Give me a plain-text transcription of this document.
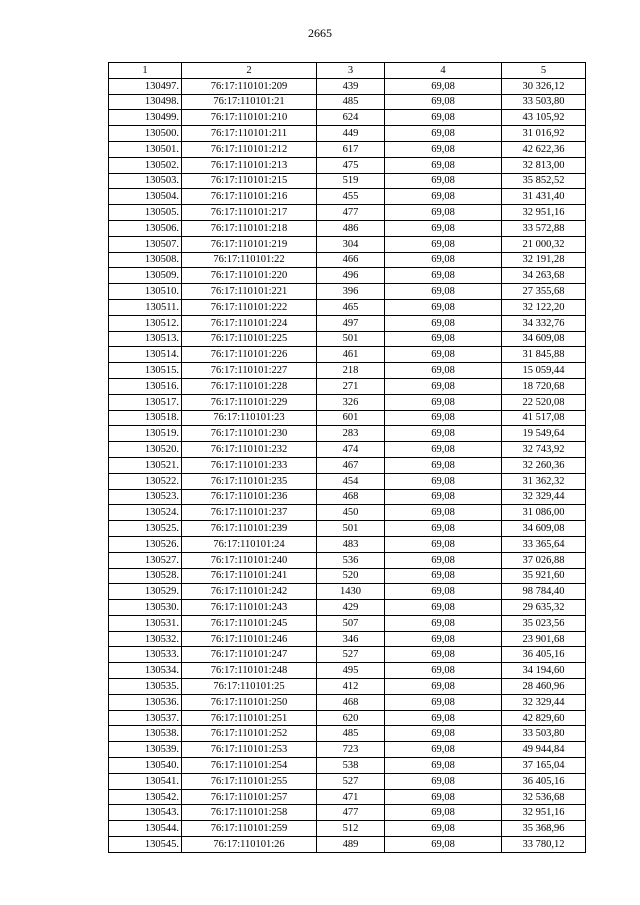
2665
1	2	3	4	5
130497.	76:17:110101:209	439	69,08	30 326,12
130498.	76:17:110101:21	485	69,08	33 503,80
130499.	76:17:110101:210	624	69,08	43 105,92
130500.	76:17:110101:211	449	69,08	31 016,92
130501.	76:17:110101:212	617	69,08	42 622,36
130502.	76:17:110101:213	475	69,08	32 813,00
130503.	76:17:110101:215	519	69,08	35 852,52
130504.	76:17:110101:216	455	69,08	31 431,40
130505.	76:17:110101:217	477	69,08	32 951,16
130506.	76:17:110101:218	486	69,08	33 572,88
130507.	76:17:110101:219	304	69,08	21 000,32
130508.	76:17:110101:22	466	69,08	32 191,28
130509.	76:17:110101:220	496	69,08	34 263,68
130510.	76:17:110101:221	396	69,08	27 355,68
130511.	76:17:110101:222	465	69,08	32 122,20
130512.	76:17:110101:224	497	69,08	34 332,76
130513.	76:17:110101:225	501	69,08	34 609,08
130514.	76:17:110101:226	461	69,08	31 845,88
130515.	76:17:110101:227	218	69,08	15 059,44
130516.	76:17:110101:228	271	69,08	18 720,68
130517.	76:17:110101:229	326	69,08	22 520,08
130518.	76:17:110101:23	601	69,08	41 517,08
130519.	76:17:110101:230	283	69,08	19 549,64
130520.	76:17:110101:232	474	69,08	32 743,92
130521.	76:17:110101:233	467	69,08	32 260,36
130522.	76:17:110101:235	454	69,08	31 362,32
130523.	76:17:110101:236	468	69,08	32 329,44
130524.	76:17:110101:237	450	69,08	31 086,00
130525.	76:17:110101:239	501	69,08	34 609,08
130526.	76:17:110101:24	483	69,08	33 365,64
130527.	76:17:110101:240	536	69,08	37 026,88
130528.	76:17:110101:241	520	69,08	35 921,60
130529.	76:17:110101:242	1430	69,08	98 784,40
130530.	76:17:110101:243	429	69,08	29 635,32
130531.	76:17:110101:245	507	69,08	35 023,56
130532.	76:17:110101:246	346	69,08	23 901,68
130533.	76:17:110101:247	527	69,08	36 405,16
130534.	76:17:110101:248	495	69,08	34 194,60
130535.	76:17:110101:25	412	69,08	28 460,96
130536.	76:17:110101:250	468	69,08	32 329,44
130537.	76:17:110101:251	620	69,08	42 829,60
130538.	76:17:110101:252	485	69,08	33 503,80
130539.	76:17:110101:253	723	69,08	49 944,84
130540.	76:17:110101:254	538	69,08	37 165,04
130541.	76:17:110101:255	527	69,08	36 405,16
130542.	76:17:110101:257	471	69,08	32 536,68
130543.	76:17:110101:258	477	69,08	32 951,16
130544.	76:17:110101:259	512	69,08	35 368,96
130545.	76:17:110101:26	489	69,08	33 780,12
